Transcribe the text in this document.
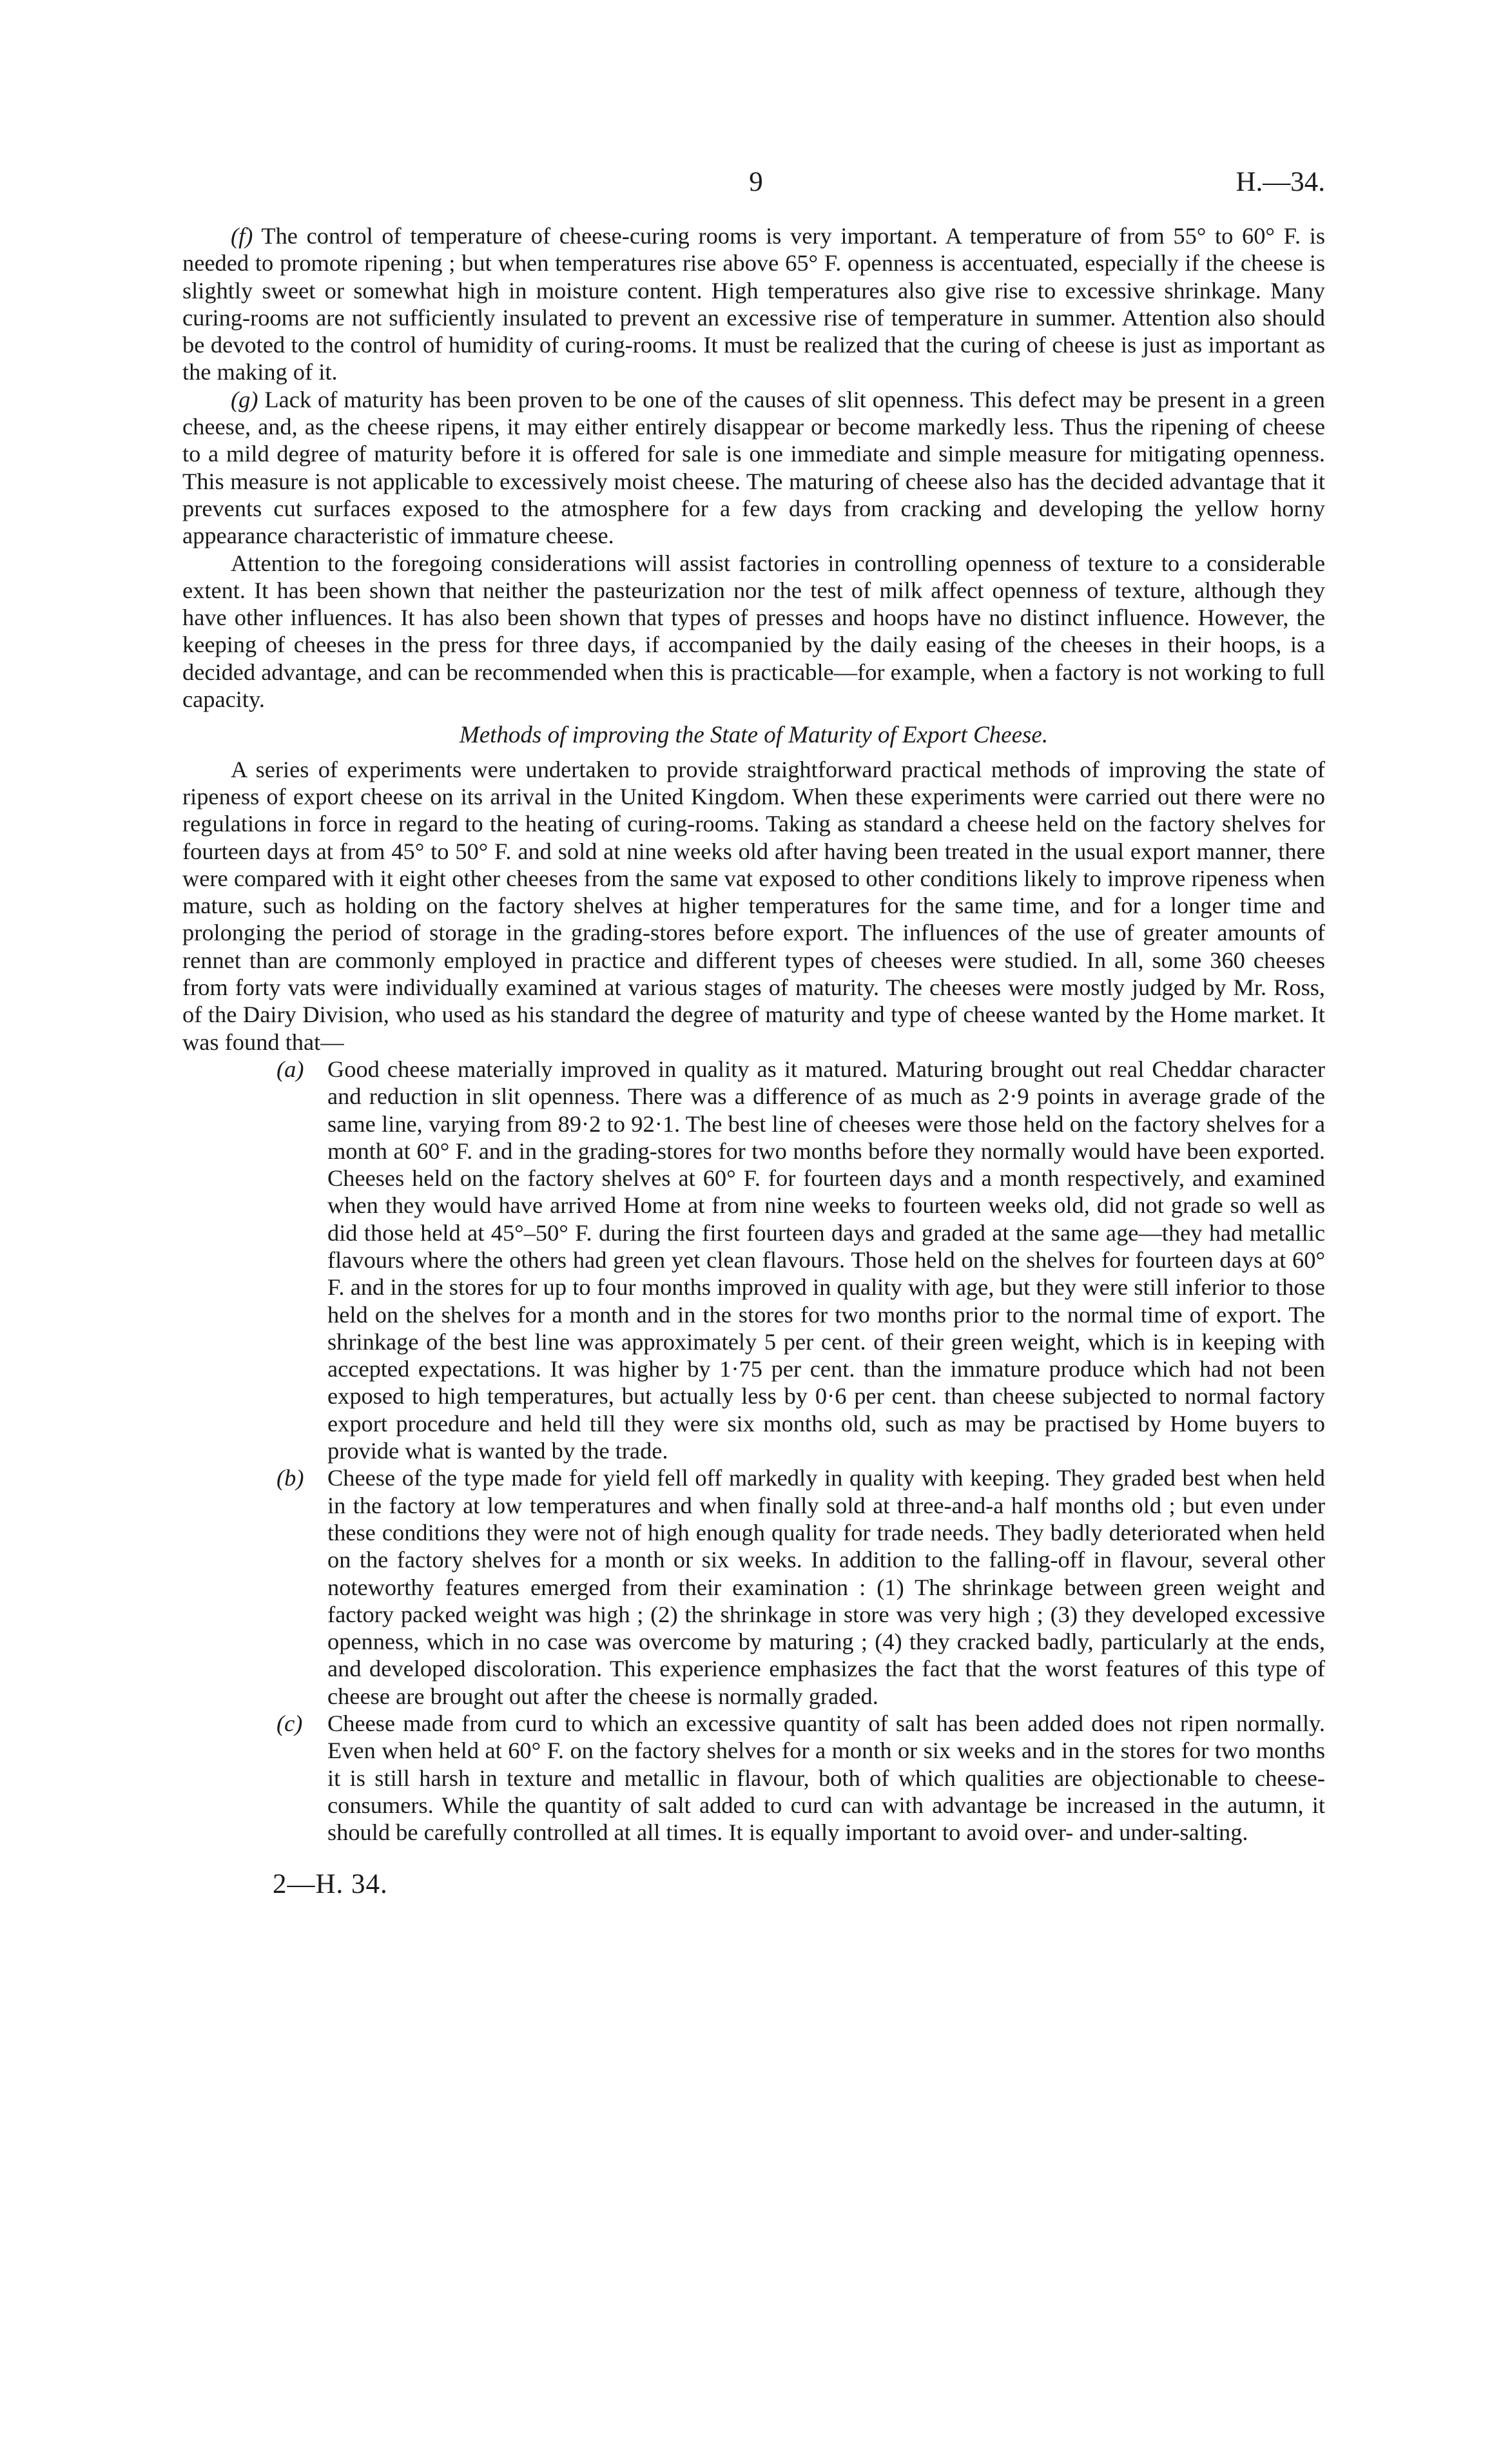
9	H.—34.

(f) The control of temperature of cheese-curing rooms is very important. A temperature of from 55° to 60° F. is needed to promote ripening ; but when temperatures rise above 65° F. openness is accentuated, especially if the cheese is slightly sweet or somewhat high in moisture content. High temperatures also give rise to excessive shrinkage. Many curing-rooms are not sufficiently insulated to prevent an excessive rise of temperature in summer. Attention also should be devoted to the control of humidity of curing-rooms. It must be realized that the curing of cheese is just as important as the making of it.

(g) Lack of maturity has been proven to be one of the causes of slit openness. This defect may be present in a green cheese, and, as the cheese ripens, it may either entirely disappear or become markedly less. Thus the ripening of cheese to a mild degree of maturity before it is offered for sale is one immediate and simple measure for mitigating openness. This measure is not applicable to excessively moist cheese. The maturing of cheese also has the decided advantage that it prevents cut surfaces exposed to the atmosphere for a few days from cracking and developing the yellow horny appearance characteristic of immature cheese.

Attention to the foregoing considerations will assist factories in controlling openness of texture to a considerable extent. It has been shown that neither the pasteurization nor the test of milk affect openness of texture, although they have other influences. It has also been shown that types of presses and hoops have no distinct influence. However, the keeping of cheeses in the press for three days, if accompanied by the daily easing of the cheeses in their hoops, is a decided advantage, and can be recommended when this is practicable—for example, when a factory is not working to full capacity.

Methods of improving the State of Maturity of Export Cheese.

A series of experiments were undertaken to provide straightforward practical methods of improving the state of ripeness of export cheese on its arrival in the United Kingdom. When these experiments were carried out there were no regulations in force in regard to the heating of curing-rooms. Taking as standard a cheese held on the factory shelves for fourteen days at from 45° to 50° F. and sold at nine weeks old after having been treated in the usual export manner, there were compared with it eight other cheeses from the same vat exposed to other conditions likely to improve ripeness when mature, such as holding on the factory shelves at higher temperatures for the same time, and for a longer time and prolonging the period of storage in the grading-stores before export. The influences of the use of greater amounts of rennet than are commonly employed in practice and different types of cheeses were studied. In all, some 360 cheeses from forty vats were individually examined at various stages of maturity. The cheeses were mostly judged by Mr. Ross, of the Dairy Division, who used as his standard the degree of maturity and type of cheese wanted by the Home market. It was found that—

(a) Good cheese materially improved in quality as it matured. Maturing brought out real Cheddar character and reduction in slit openness. There was a difference of as much as 2·9 points in average grade of the same line, varying from 89·2 to 92·1. The best line of cheeses were those held on the factory shelves for a month at 60° F. and in the grading-stores for two months before they normally would have been exported. Cheeses held on the factory shelves at 60° F. for fourteen days and a month respectively, and examined when they would have arrived Home at from nine weeks to fourteen weeks old, did not grade so well as did those held at 45°–50° F. during the first fourteen days and graded at the same age—they had metallic flavours where the others had green yet clean flavours. Those held on the shelves for fourteen days at 60° F. and in the stores for up to four months improved in quality with age, but they were still inferior to those held on the shelves for a month and in the stores for two months prior to the normal time of export. The shrinkage of the best line was approximately 5 per cent. of their green weight, which is in keeping with accepted expectations. It was higher by 1·75 per cent. than the immature produce which had not been exposed to high temperatures, but actually less by 0·6 per cent. than cheese subjected to normal factory export procedure and held till they were six months old, such as may be practised by Home buyers to provide what is wanted by the trade.

(b) Cheese of the type made for yield fell off markedly in quality with keeping. They graded best when held in the factory at low temperatures and when finally sold at three-and-a half months old ; but even under these conditions they were not of high enough quality for trade needs. They badly deteriorated when held on the factory shelves for a month or six weeks. In addition to the falling-off in flavour, several other noteworthy features emerged from their examination : (1) The shrinkage between green weight and factory packed weight was high ; (2) the shrinkage in store was very high ; (3) they developed excessive openness, which in no case was overcome by maturing ; (4) they cracked badly, particularly at the ends, and developed discoloration. This experience emphasizes the fact that the worst features of this type of cheese are brought out after the cheese is normally graded.

(c) Cheese made from curd to which an excessive quantity of salt has been added does not ripen normally. Even when held at 60° F. on the factory shelves for a month or six weeks and in the stores for two months it is still harsh in texture and metallic in flavour, both of which qualities are objectionable to cheese-consumers. While the quantity of salt added to curd can with advantage be increased in the autumn, it should be carefully controlled at all times. It is equally important to avoid over- and under-salting.

2—H. 34.
